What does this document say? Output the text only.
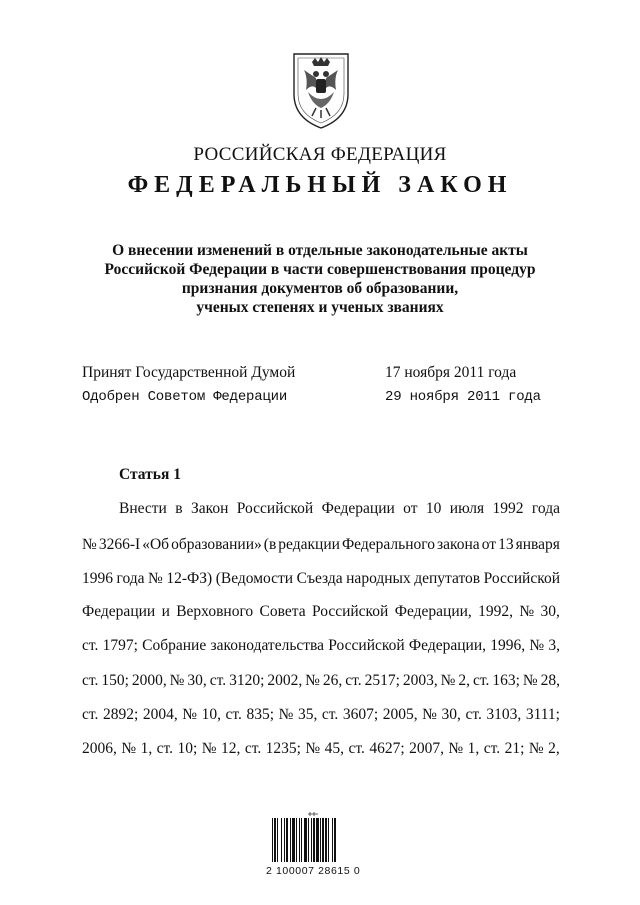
РОССИЙСКАЯ ФЕДЕРАЦИЯ
ФЕДЕРАЛЬНЫЙ ЗАКОН
О внесении изменений в отдельные законодательные акты
Российской Федерации в части совершенствования процедур
признания документов об образовании,
ученых степенях и ученых званиях
Принят Государственной Думой	17 ноября 2011 года
Одобрен Советом Федерации	29 ноября 2011 года
Статья 1
Внести в Закон Российской Федерации от 10 июля 1992 года
№ 3266-I «Об образовании» (в редакции Федерального закона от 13 января
1996 года № 12-ФЗ) (Ведомости Съезда народных депутатов Российской
Федерации и Верховного Совета Российской Федерации, 1992, № 30,
ст. 1797; Собрание законодательства Российской Федерации, 1996, № 3,
ст. 150; 2000, № 30, ст. 3120; 2002, № 26, ст. 2517; 2003, № 2, ст. 163; № 28,
ст. 2892; 2004, № 10, ст. 835; № 35, ст. 3607; 2005, № 30, ст. 3103, 3111;
2006, № 1, ст. 10; № 12, ст. 1235; № 45, ст. 4627; 2007, № 1, ст. 21; № 2,
2 100007 28615 0
